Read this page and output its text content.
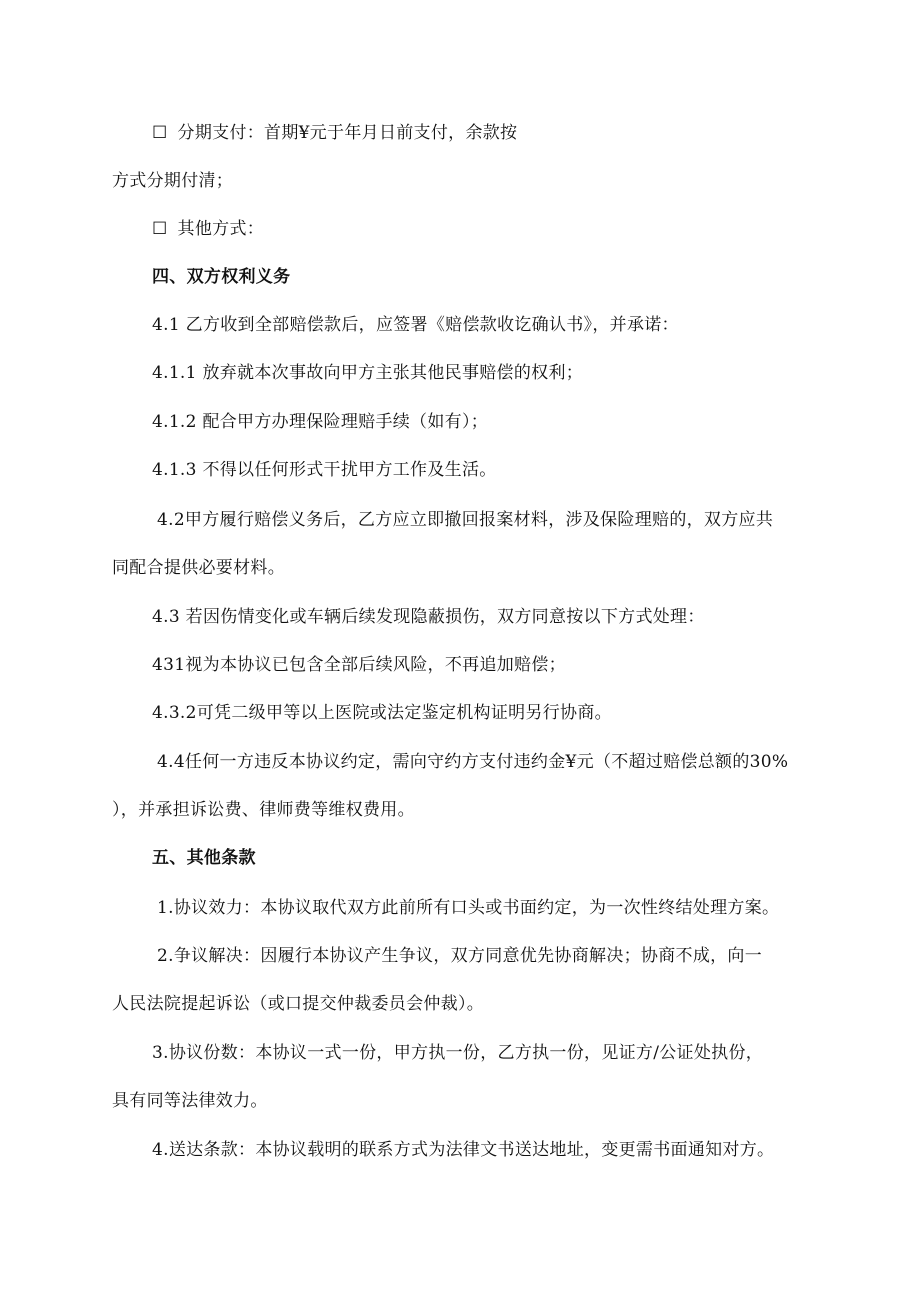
☐ 分期支付：首期¥元于年月日前支付，余款按
方式分期付清；
☐ 其他方式：
四、双方权利义务
4.1 乙方收到全部赔偿款后，应签署《赔偿款收讫确认书》，并承诺：
4.1.1 放弃就本次事故向甲方主张其他民事赔偿的权利；
4.1.2 配合甲方办理保险理赔手续（如有）；
4.1.3 不得以任何形式干扰甲方工作及生活。
4.2甲方履行赔偿义务后，乙方应立即撤回报案材料，涉及保险理赔的，双方应共
同配合提供必要材料。
4.3 若因伤情变化或车辆后续发现隐蔽损伤，双方同意按以下方式处理：
431视为本协议已包含全部后续风险，不再追加赔偿；
4.3.2可凭二级甲等以上医院或法定鉴定机构证明另行协商。
4.4任何一方违反本协议约定，需向守约方支付违约金¥元（不超过赔偿总额的30%
），并承担诉讼费、律师费等维权费用。
五、其他条款
1.协议效力：本协议取代双方此前所有口头或书面约定，为一次性终结处理方案。
2.争议解决：因履行本协议产生争议，双方同意优先协商解决；协商不成，向一
人民法院提起诉讼（或口提交仲裁委员会仲裁）。
3.协议份数：本协议一式一份，甲方执一份，乙方执一份，见证方/公证处执份，
具有同等法律效力。
4.送达条款：本协议载明的联系方式为法律文书送达地址，变更需书面通知对方。
